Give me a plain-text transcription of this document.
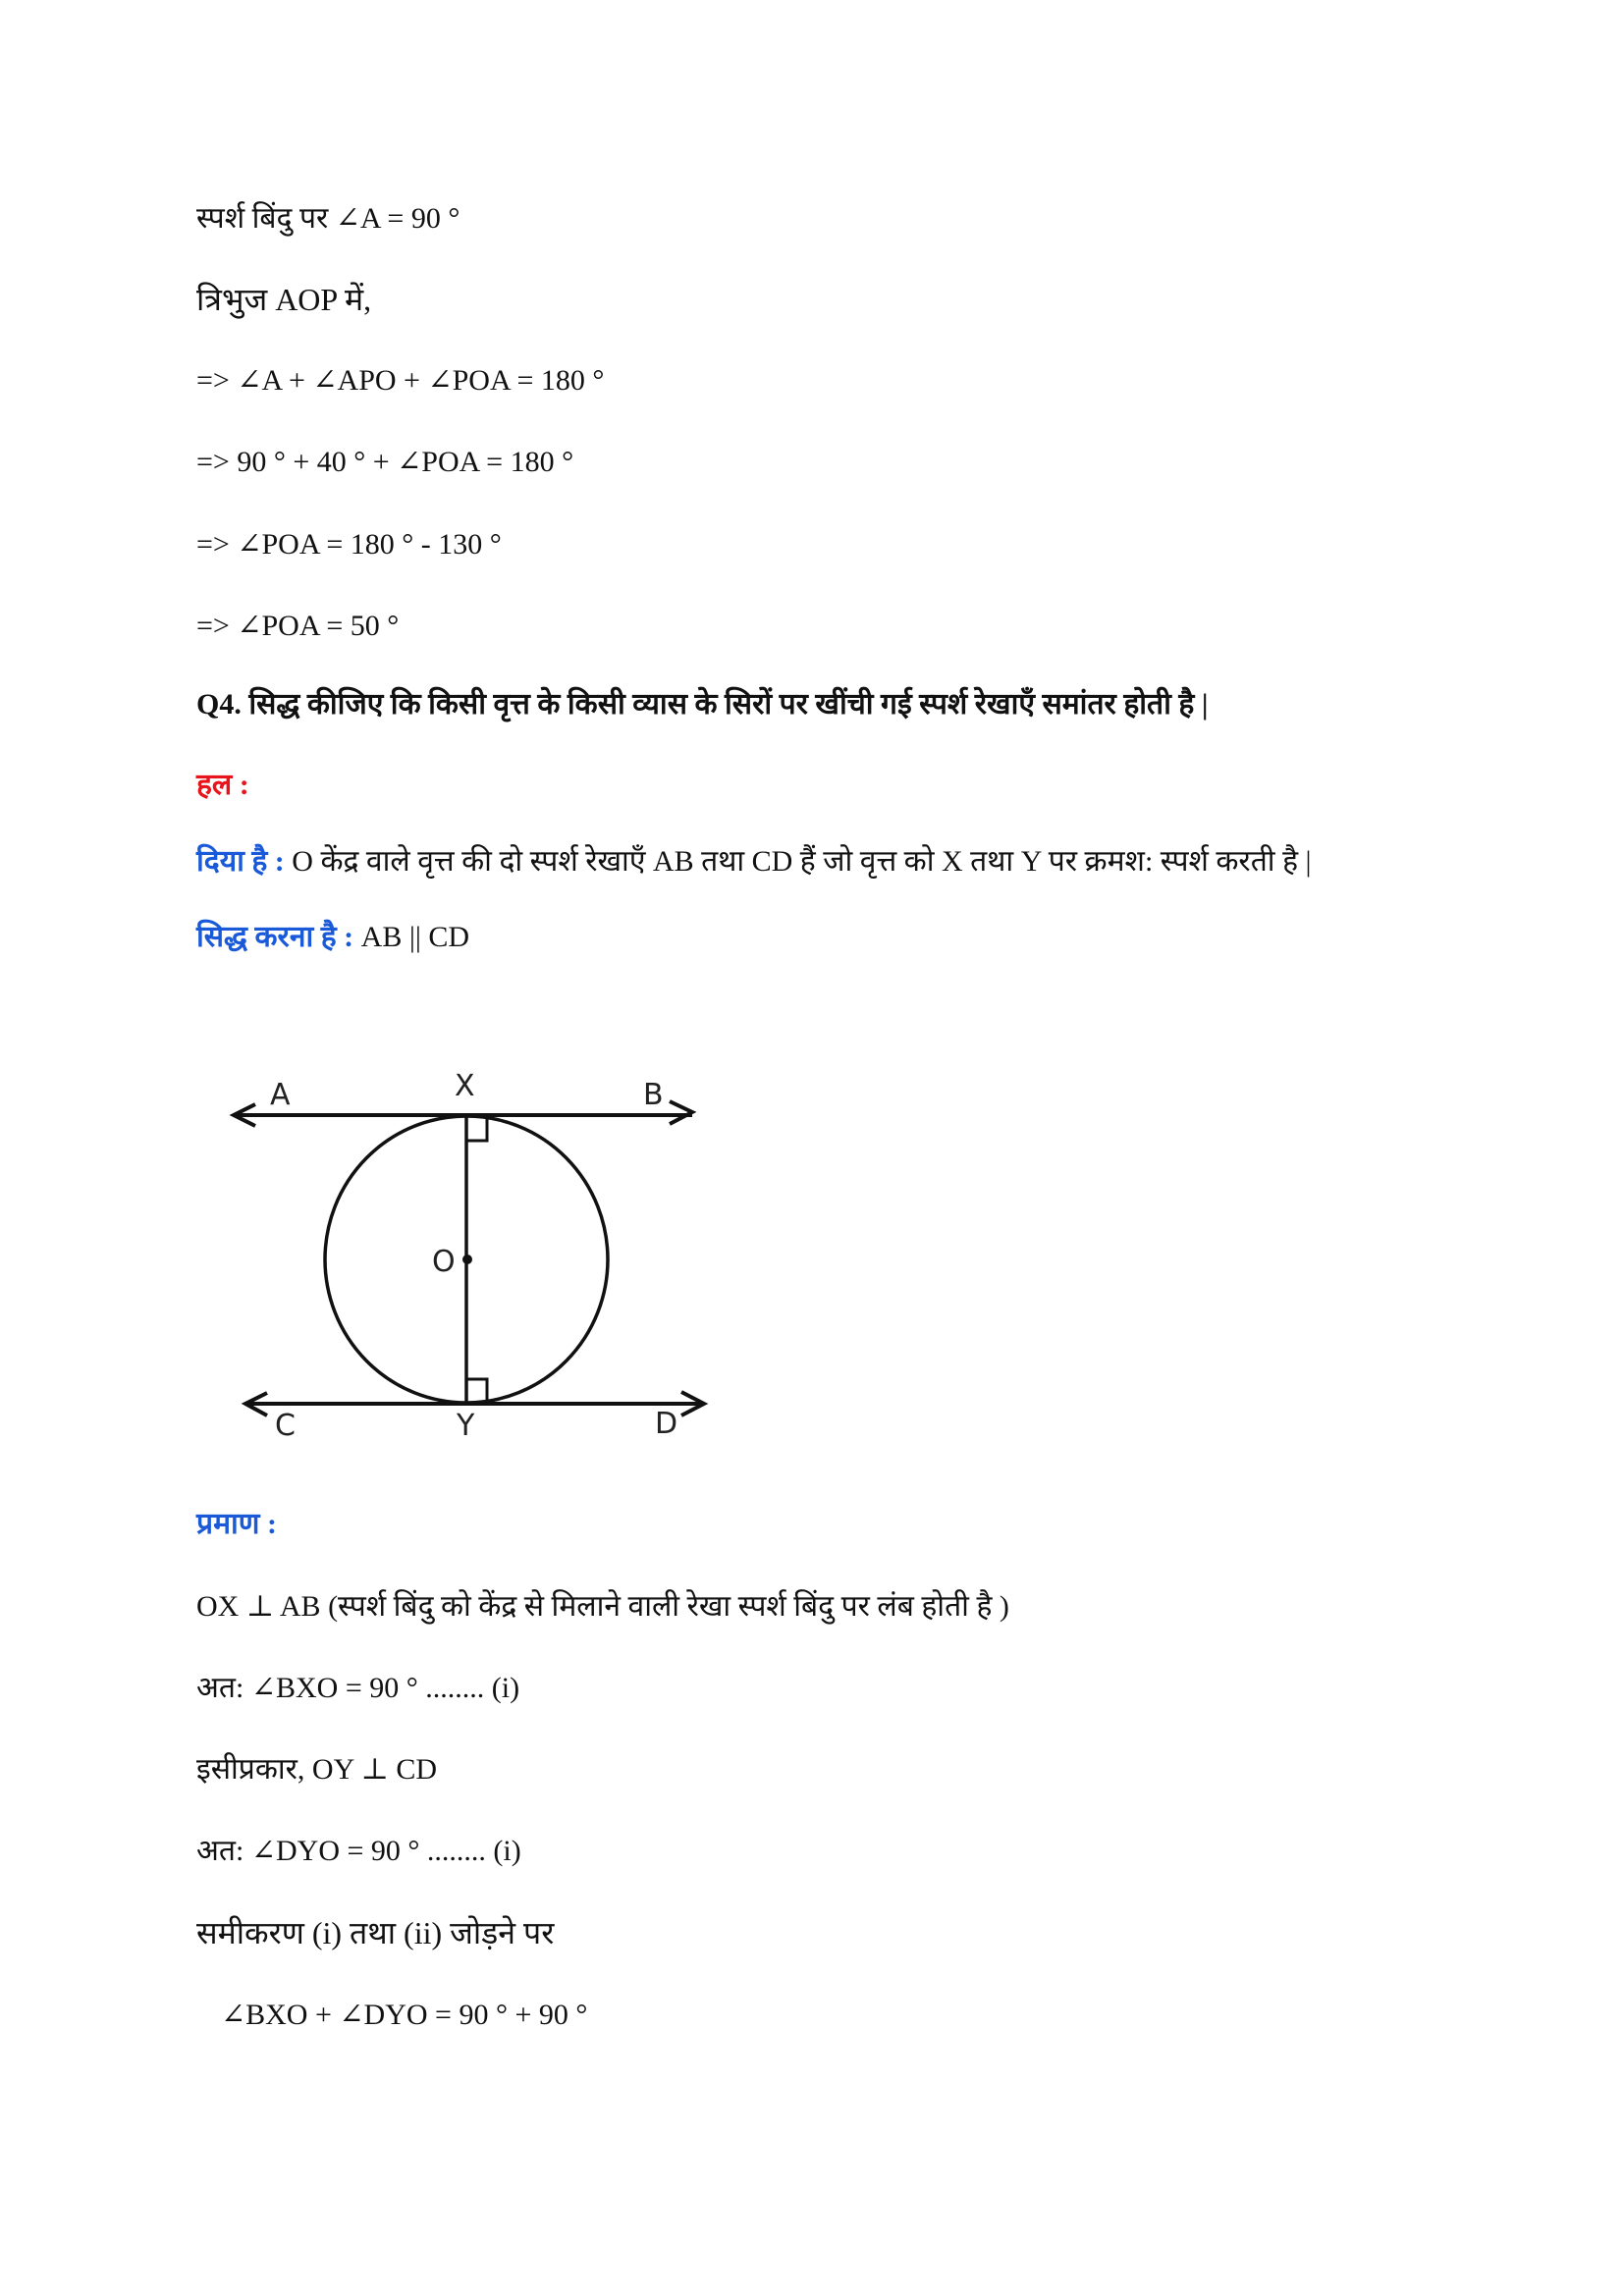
स्पर्श बिंदु पर ∠A = 90 °
त्रिभुज AOP में,
=> ∠A + ∠APO + ∠POA = 180 °
=> 90 ° + 40 ° + ∠POA = 180 °
=> ∠POA = 180 ° - 130 °
=> ∠POA = 50 °
Q4. सिद्ध कीजिए कि किसी वृत्त के किसी व्यास के सिरों पर खींची गई स्पर्श रेखाएँ समांतर होती है |
हल :
दिया है : O केंद्र वाले वृत्त की दो स्पर्श रेखाएँ AB तथा CD हैं जो वृत्त को X तथा Y पर क्रमश: स्पर्श करती है |
सिद्ध करना है : AB || CD
A	X	B
O
C	Y	D
प्रमाण :
OX ⊥ AB (स्पर्श बिंदु को केंद्र से मिलाने वाली रेखा स्पर्श बिंदु पर लंब होती है )
अत: ∠BXO = 90 ° ........ (i)
इसीप्रकार, OY ⊥ CD
अत: ∠DYO = 90 ° ........ (i)
समीकरण (i) तथा (ii) जोड़ने पर
∠BXO + ∠DYO = 90 ° + 90 °
